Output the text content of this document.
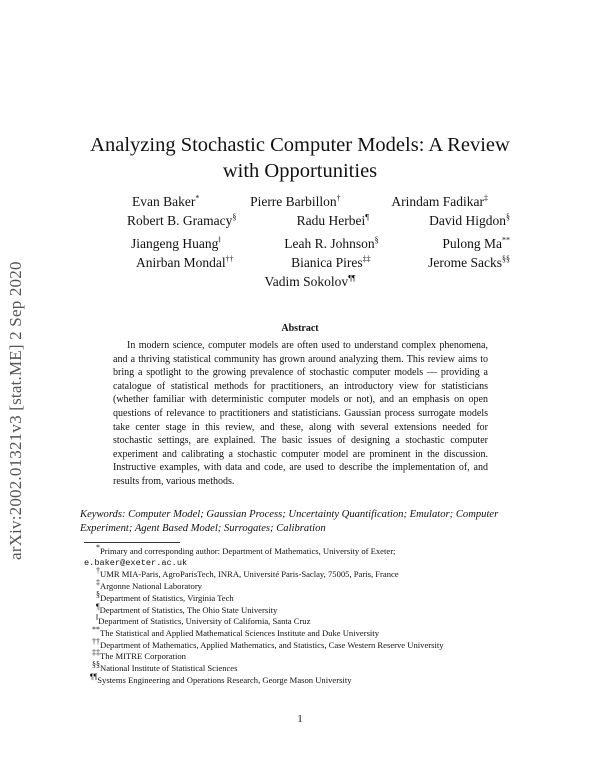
arXiv:2002.01321v3 [stat.ME] 2 Sep 2020
Analyzing Stochastic Computer Models: A Review
with Opportunities
Evan Baker*	Pierre Barbillon†	Arindam Fadikar‡
Robert B. Gramacy§	Radu Herbei¶	David Higdon§
Jiangeng Huang‖	Leah R. Johnson§	Pulong Ma**
Anirban Mondal††	Bianica Pires‡‡	Jerome Sacks§§
Vadim Sokolov¶¶
Abstract
In modern science, computer models are often used to understand complex phenomena, and a thriving statistical community has grown around analyzing them. This review aims to bring a spotlight to the growing prevalence of stochastic computer models — providing a catalogue of statistical methods for practitioners, an introductory view for statisticians (whether familiar with deterministic computer models or not), and an emphasis on open questions of relevance to practitioners and statisticians. Gaussian process surrogate models take center stage in this review, and these, along with several extensions needed for stochastic settings, are explained. The basic issues of designing a stochastic computer experiment and calibrating a stochastic computer model are prominent in the discussion. Instructive examples, with data and code, are used to describe the implementation of, and results from, various methods.
Keywords: Computer Model; Gaussian Process; Uncertainty Quantification; Emulator; Computer Experiment; Agent Based Model; Surrogates; Calibration
*Primary and corresponding author: Department of Mathematics, University of Exeter;
e.baker@exeter.ac.uk
†UMR MIA-Paris, AgroParisTech, INRA, Université Paris-Saclay, 75005, Paris, France
‡Argonne National Laboratory
§Department of Statistics, Virginia Tech
¶Department of Statistics, The Ohio State University
‖Department of Statistics, University of California, Santa Cruz
**The Statistical and Applied Mathematical Sciences Institute and Duke University
††Department of Mathematics, Applied Mathematics, and Statistics, Case Western Reserve University
‡‡The MITRE Corporation
§§National Institute of Statistical Sciences
¶¶Systems Engineering and Operations Research, George Mason University
1
